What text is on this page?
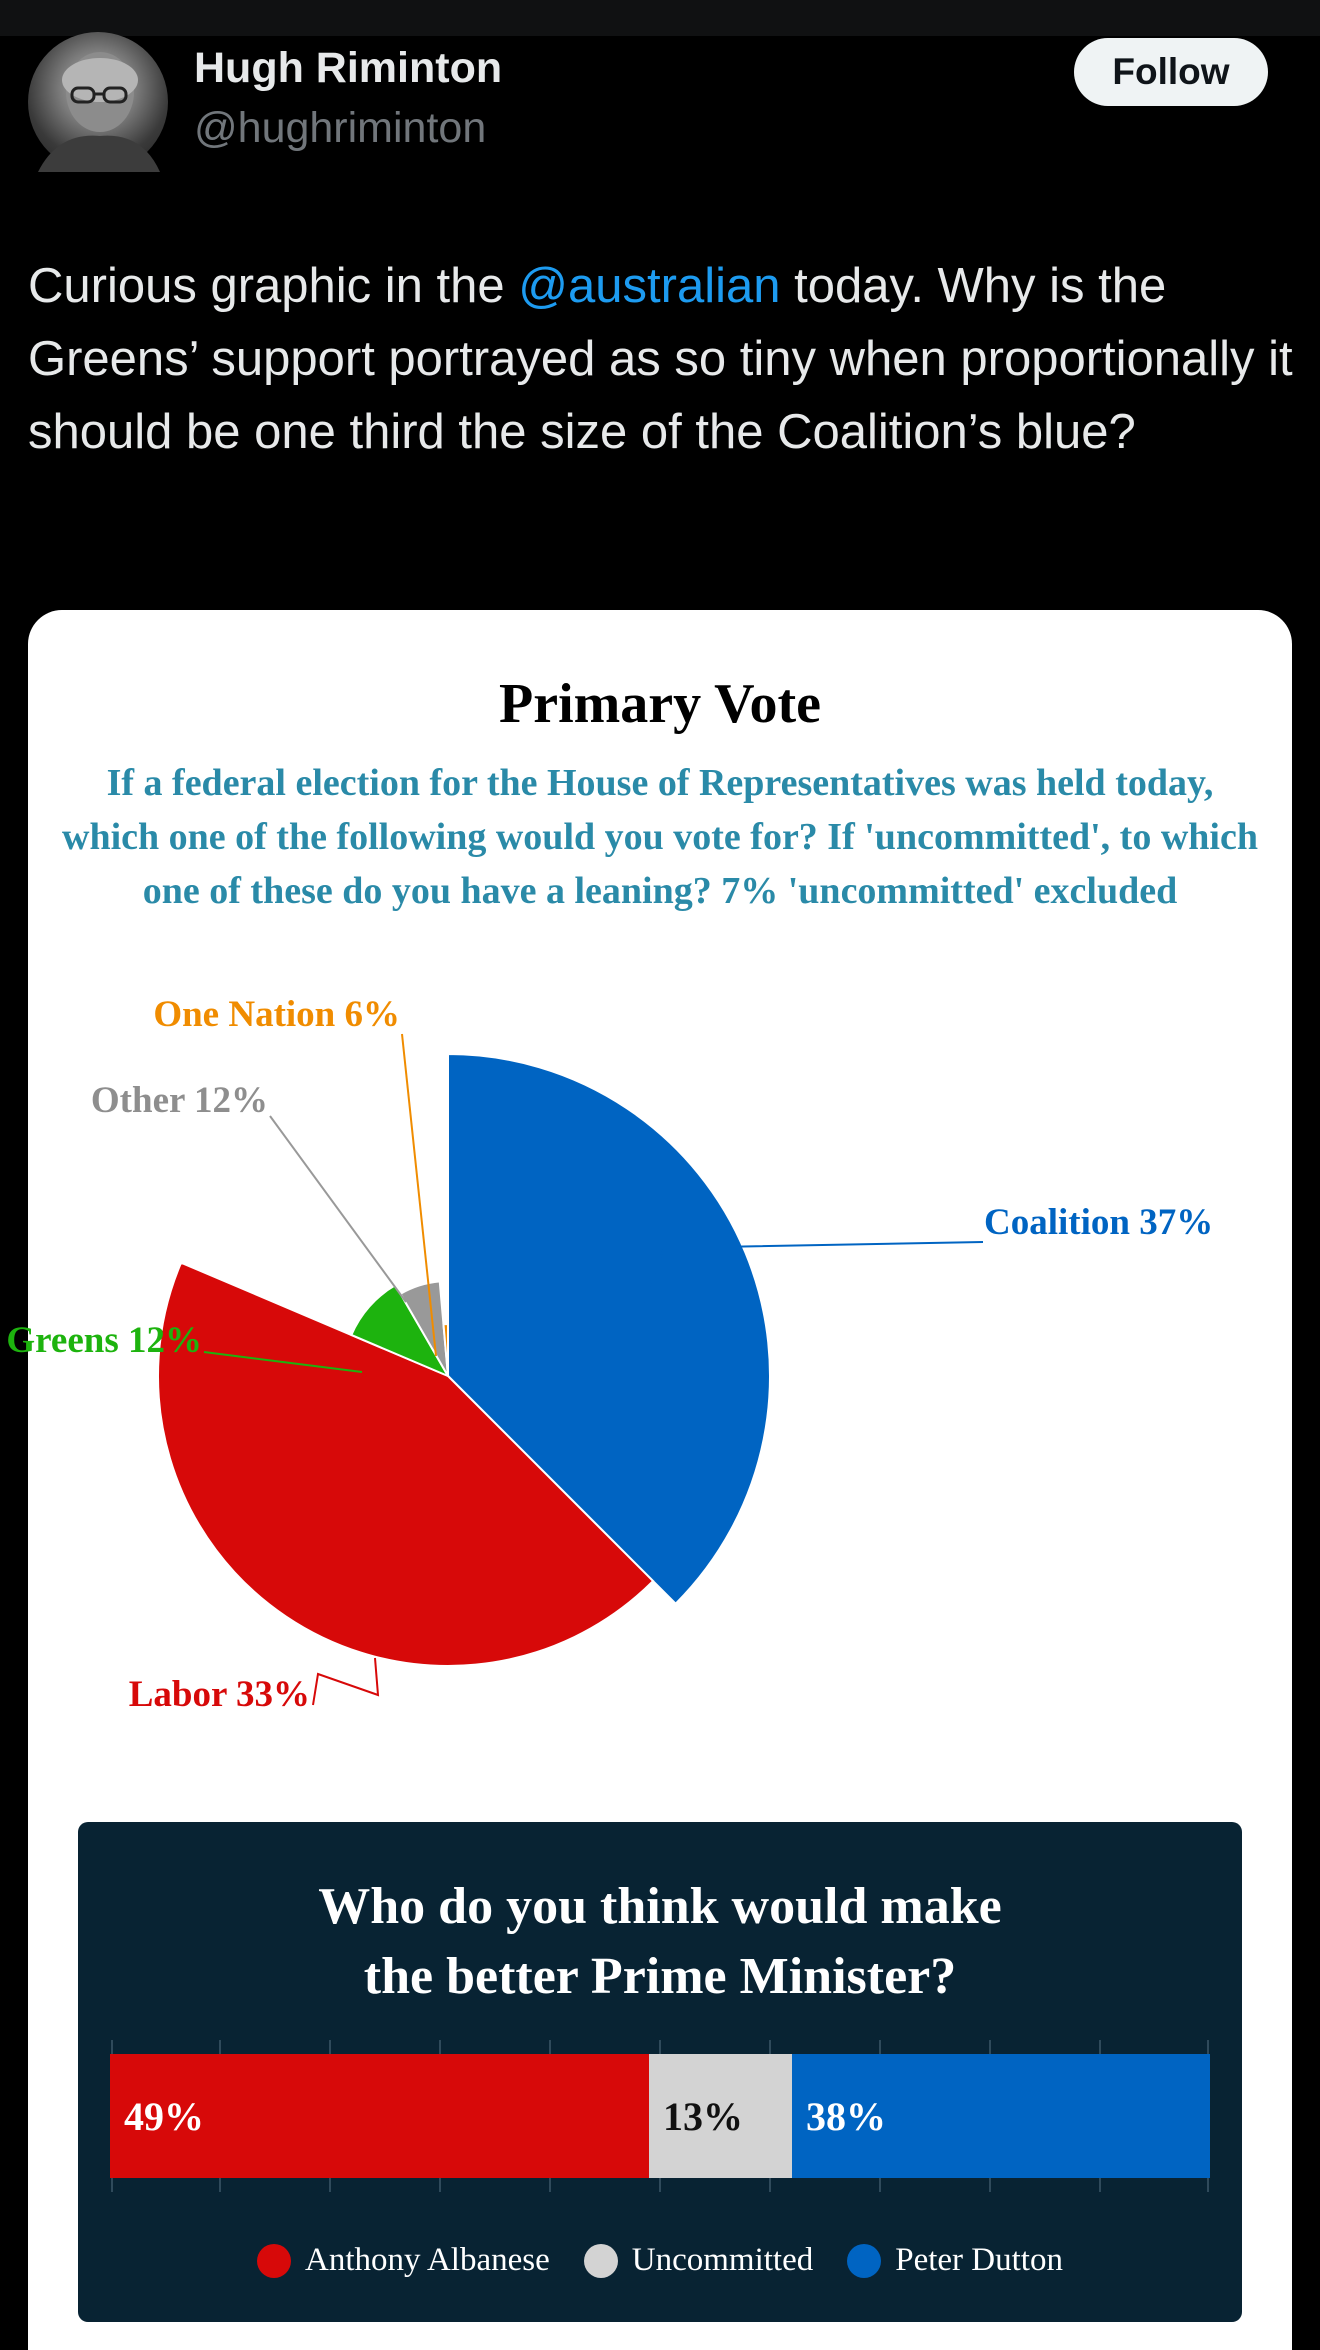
Hugh Riminton
@hughriminton
Follow
Curious graphic in the @australian today. Why is the Greens’ support portrayed as so tiny when proportionally it should be one third the size of the Coalition’s blue?
Primary Vote
If a federal election for the House of Representatives was held today, which one of the following would you vote for? If 'uncommitted', to which one of these do you have a leaning? 7% 'uncommitted' excluded
Coalition 37%
Labor 33%
Greens 12%
Other 12%
One Nation 6%
Who do you think would make
the better Prime Minister?
49%	13% 38%
Anthony Albanese Uncommitted Peter Dutton
